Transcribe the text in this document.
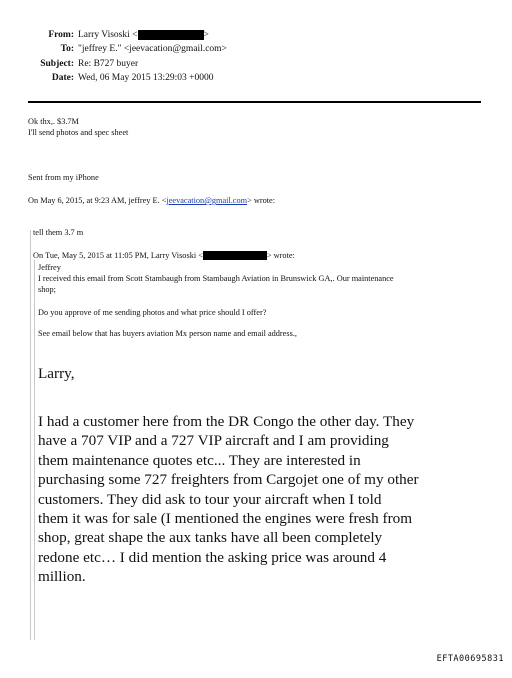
From: Larry Visoski <	>
To: "jeffrey E." <jeevacation@gmail.com>
Subject: Re: B727 buyer
Date: Wed, 06 May 2015 13:29:03 +0000
Ok thx,. $3.7M
I'll send photos and spec sheet
Sent from my iPhone
On May 6, 2015, at 9:23 AM, jeffrey E. <jeevacation@gmail.com> wrote:
tell them 3.7 m
On Tue, May 5, 2015 at 11:05 PM, Larry Visoski <	> wrote:
Jeffrey
I received this email from Scott Stambaugh from Stambaugh Aviation in Brunswick GA,. Our maintenance
shop;
Do you approve of me sending photos and what price should I offer?
See email below that has buyers aviation Mx person name and email address.,
Larry,
I had a customer here from the DR Congo the other day. They
have a 707 VIP and a 727 VIP aircraft and I am providing
them maintenance quotes etc... They are interested in
purchasing some 727 freighters from Cargojet one of my other
customers. They did ask to tour your aircraft when I told
them it was for sale (I mentioned the engines were fresh from
shop, great shape the aux tanks have all been completely
redone etc… I did mention the asking price was around 4
million.
EFTA00695831
